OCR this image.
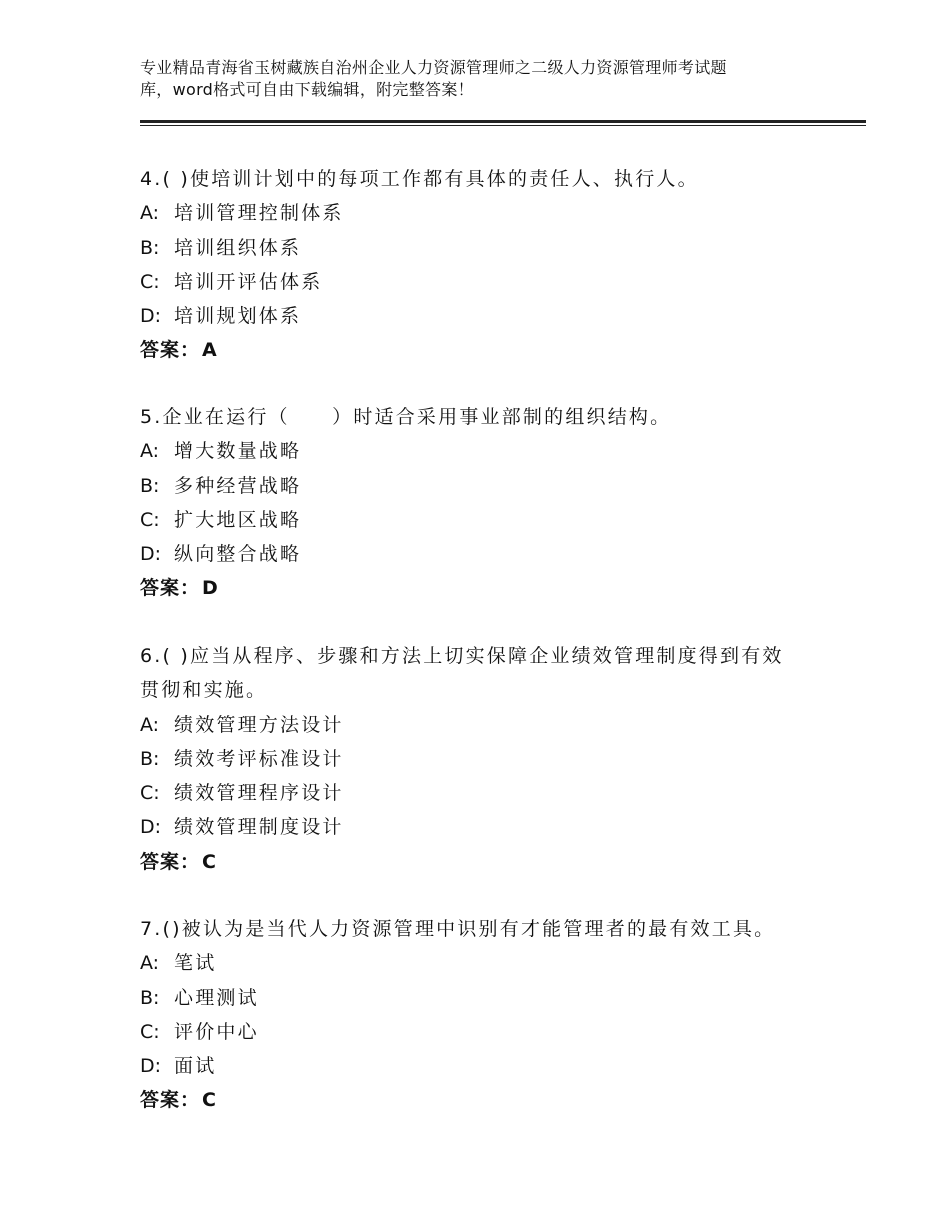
专业精品青海省玉树藏族自治州企业人力资源管理师之二级人力资源管理师考试题
库，word格式可自由下载编辑，附完整答案！
4.( )使培训计划中的每项工作都有具体的责任人、执行人。
A: 培训管理控制体系
B: 培训组织体系
C: 培训开评估体系
D: 培训规划体系
答案： A
5.企业在运行（　　）时适合采用事业部制的组织结构。
A: 增大数量战略
B: 多种经营战略
C: 扩大地区战略
D: 纵向整合战略
答案： D
6.( )应当从程序、步骤和方法上切实保障企业绩效管理制度得到有效
贯彻和实施。
A: 绩效管理方法设计
B: 绩效考评标准设计
C: 绩效管理程序设计
D: 绩效管理制度设计
答案： C
7.()被认为是当代人力资源管理中识别有才能管理者的最有效工具。
A: 笔试
B: 心理测试
C: 评价中心
D: 面试
答案： C
